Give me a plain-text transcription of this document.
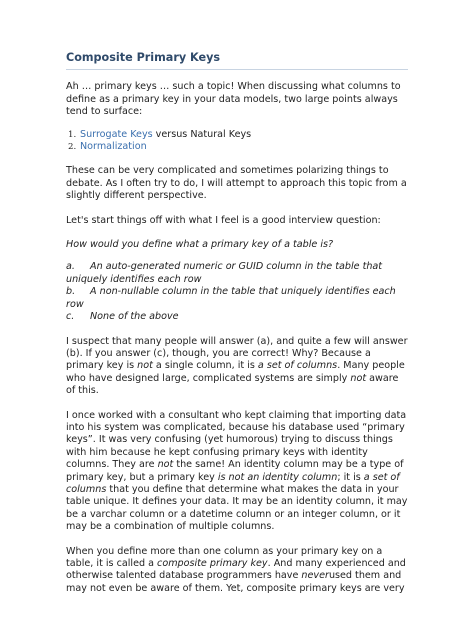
Composite Primary Keys

Ah … primary keys … such a topic! When discussing what columns to define as a primary key in your data models, two large points always tend to surface:

1. Surrogate Keys versus Natural Keys
2. Normalization

These can be very complicated and sometimes polarizing things to debate. As I often try to do, I will attempt to approach this topic from a slightly different perspective.

Let's start things off with what I feel is a good interview question:

How would you define what a primary key of a table is?

a. An auto-generated numeric or GUID column in the table that uniquely identifies each row
b. A non-nullable column in the table that uniquely identifies each row
c. None of the above

I suspect that many people will answer (a), and quite a few will answer (b). If you answer (c), though, you are correct! Why? Because a primary key is not a single column, it is a set of columns. Many people who have designed large, complicated systems are simply not aware of this.

I once worked with a consultant who kept claiming that importing data into his system was complicated, because his database used “primary keys”. It was very confusing (yet humorous) trying to discuss things with him because he kept confusing primary keys with identity columns. They are not the same! An identity column may be a type of primary key, but a primary key is not an identity column; it is a set of columns that you define that determine what makes the data in your table unique. It defines your data. It may be an identity column, it may be a varchar column or a datetime column or an integer column, or it may be a combination of multiple columns.

When you define more than one column as your primary key on a table, it is called a composite primary key. And many experienced and otherwise talented database programmers have neverused them and may not even be aware of them. Yet, composite primary keys are very
